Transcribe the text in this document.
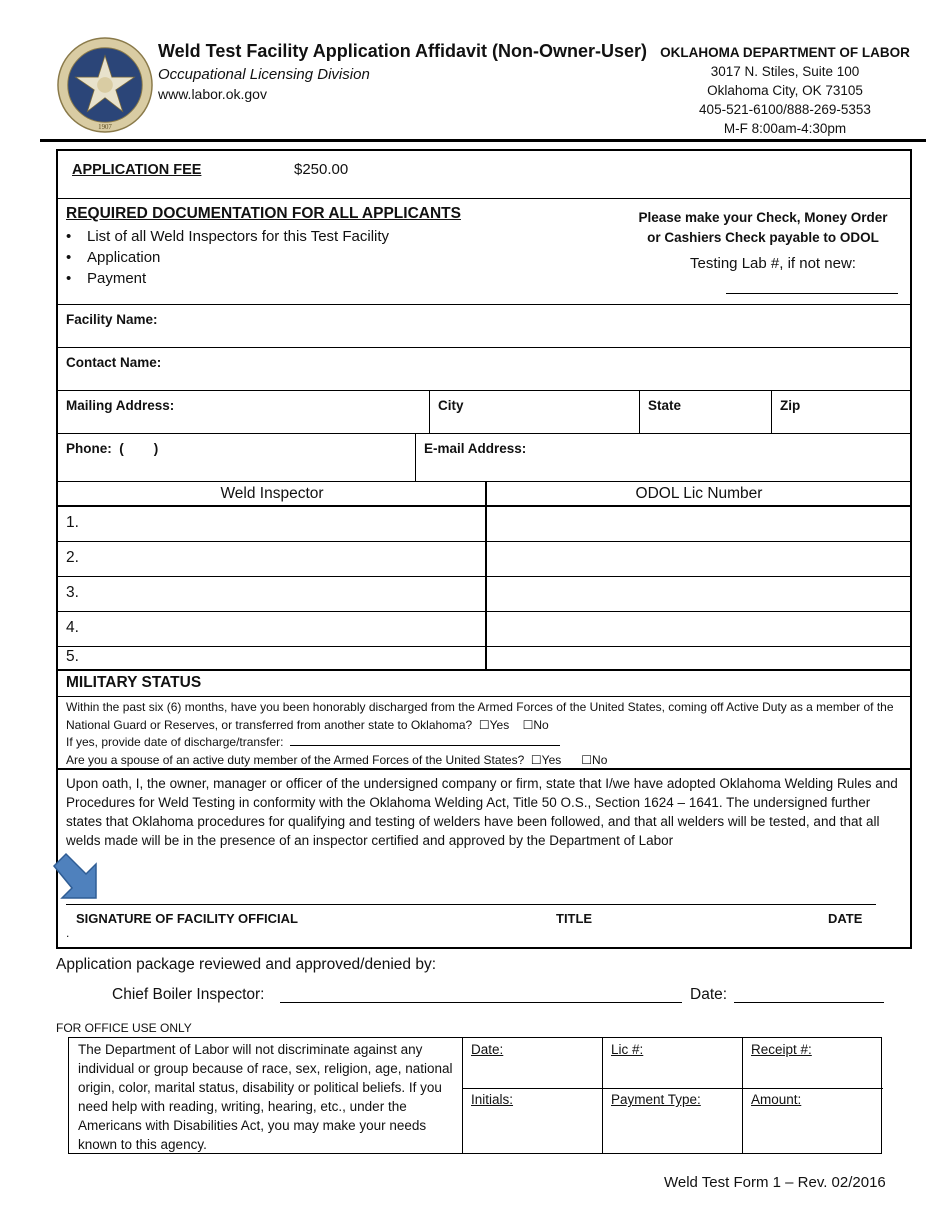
1907
Weld Test Facility Application Affidavit (Non-Owner-User)
Occupational Licensing Division
www.labor.ok.gov
OKLAHOMA DEPARTMENT OF LABOR
3017 N. Stiles, Suite 100
Oklahoma City, OK 73105
405-521-6100/888-269-5353
M-F 8:00am-4:30pm
APPLICATION FEE	$250.00
REQUIRED DOCUMENTATION FOR ALL APPLICANTS
• List of all Weld Inspectors for this Test Facility
• Application
• Payment
Please make your Check, Money Order
or Cashiers Check payable to ODOL
Testing Lab #, if not new:
Facility Name:
Contact Name:
Mailing Address:	City	State	Zip
Phone:  (        )	E-mail Address:
Weld Inspector	ODOL Lic Number
1.
2.
3.
4.
5.
MILITARY STATUS

Within the past six (6) months, have you been honorably discharged from the Armed Forces of the United States, coming off Active Duty as a member of the National Guard or Reserves, or transferred from another state to Oklahoma? ☐Yes ☐No
If yes, provide date of discharge/transfer:
Are you a spouse of an active duty member of the Armed Forces of the United States? ☐Yes ☐No

Upon oath, I, the owner, manager or officer of the undersigned company or firm, state that I/we have adopted Oklahoma Welding Rules and Procedures for Weld Testing in conformity with the Oklahoma Welding Act, Title 50 O.S., Section 1624 – 1641. The undersigned further states that Oklahoma procedures for qualifying and testing of welders have been followed, and that all welders will be tested, and that all welds made will be in the presence of an inspector certified and approved by the Department of Labor

SIGNATURE OF FACILITY OFFICIAL	TITLE	DATE
.
Application package reviewed and approved/denied by:
Chief Boiler Inspector:	Date:
FOR OFFICE USE ONLY
The Department of Labor will not discriminate against any individual or group because of race, sex, religion, age, national origin, color, marital status, disability or political beliefs. If you need help with reading, writing, hearing, etc., under the Americans with Disabilities Act, you may make your needs known to this agency.
Date:	Lic #:	Receipt #:
Initials:	Payment Type:	Amount:
Weld Test Form 1 – Rev. 02/2016
